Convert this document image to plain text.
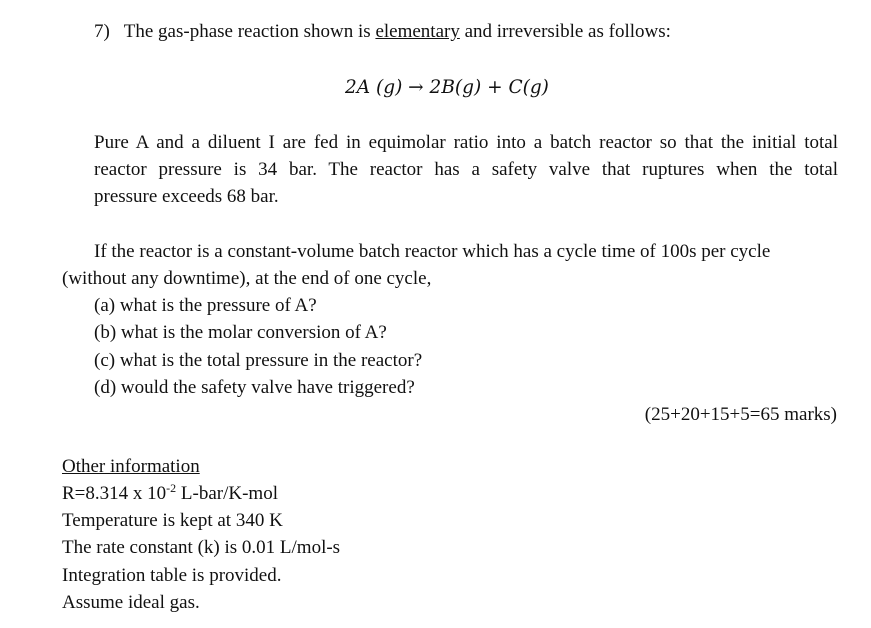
7) The gas-phase reaction shown is elementary and irreversible as follows:
2A (g) → 2B(g) + C(g)
Pure A and a diluent I are fed in equimolar ratio into a batch reactor so that the initial total
reactor pressure is 34 bar. The reactor has a safety valve that ruptures when the total
pressure exceeds 68 bar.
If the reactor is a constant-volume batch reactor which has a cycle time of 100s per cycle
(without any downtime), at the end of one cycle,
(a) what is the pressure of A?
(b) what is the molar conversion of A?
(c) what is the total pressure in the reactor?
(d) would the safety valve have triggered?
(25+20+15+5=65 marks)
Other information
R=8.314 x $10^{-2}$ L-bar/K-mol
Temperature is kept at 340 K
The rate constant (k) is 0.01 L/mol-s
Integration table is provided.
Assume ideal gas.
